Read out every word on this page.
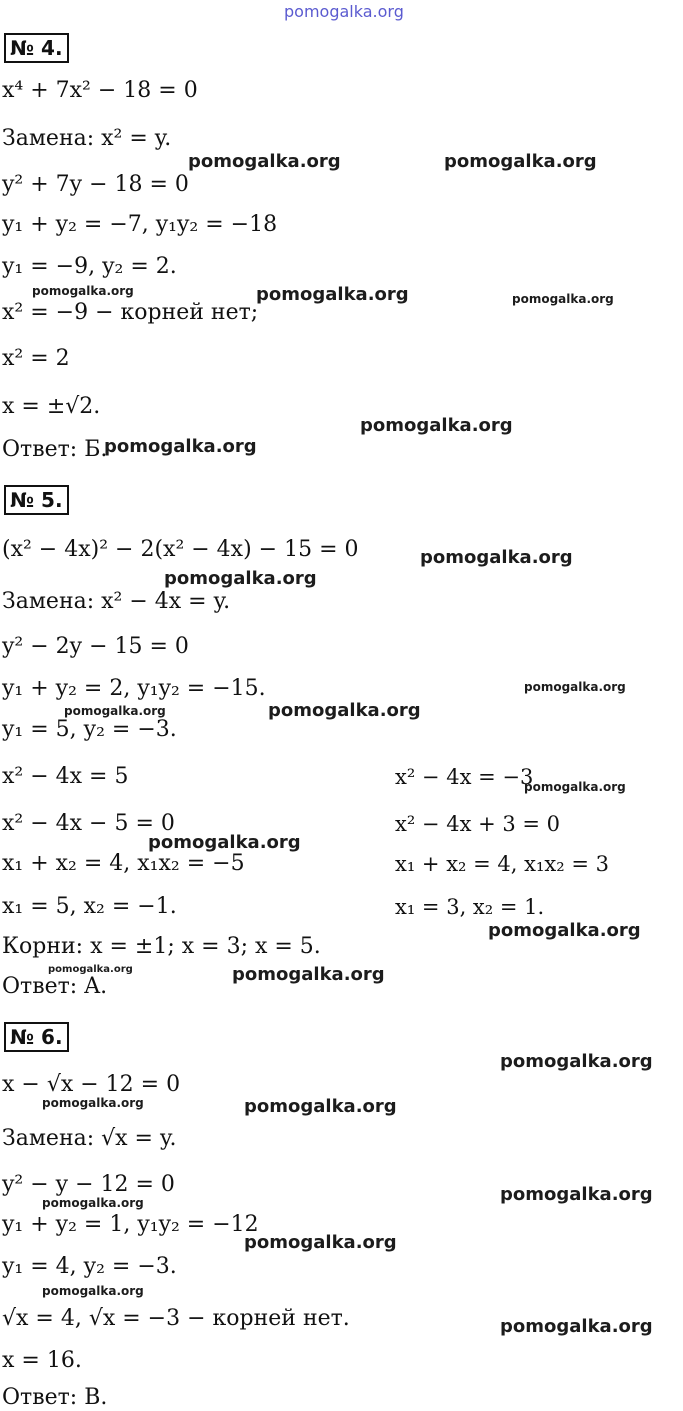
pomogalka.org
№ 4.
x⁴ + 7x² − 18 = 0
Замена: x² = y.
y² + 7y − 18 = 0
y₁ + y₂ = −7, y₁y₂ = −18
y₁ = −9, y₂ = 2.
x² = −9 − корней нет;
x² = 2
x = ±√2.
Ответ: Б.
№ 5.
(x² − 4x)² − 2(x² − 4x) − 15 = 0
Замена: x² − 4x = y.
y² − 2y − 15 = 0
y₁ + y₂ = 2, y₁y₂ = −15.
y₁ = 5, y₂ = −3.
x² − 4x = 5
x² − 4x − 5 = 0
x₁ + x₂ = 4, x₁x₂ = −5
x₁ = 5, x₂ = −1.
x² − 4x = −3
x² − 4x + 3 = 0
x₁ + x₂ = 4, x₁x₂ = 3
x₁ = 3, x₂ = 1.
Корни: x = ±1; x = 3; x = 5.
Ответ: A.
№ 6.
x − √x − 12 = 0
Замена: √x = y.
y² − y − 12 = 0
y₁ + y₂ = 1, y₁y₂ = −12
y₁ = 4, y₂ = −3.
√x = 4, √x = −3 − корней нет.
x = 16.
Ответ: В.
pomogalka.org	pomogalka.org
pomogalka.org	pomogalka.org	pomogalka.org
pomogalka.org
pomogalka.org
pomogalka.org
pomogalka.org
pomogalka.org
pomogalka.org	pomogalka.org
pomogalka.org
pomogalka.org
pomogalka.org
pomogalka.org	pomogalka.org
pomogalka.org
pomogalka.org	pomogalka.org
pomogalka.org
pomogalka.org
pomogalka.org
pomogalka.org
pomogalka.org
